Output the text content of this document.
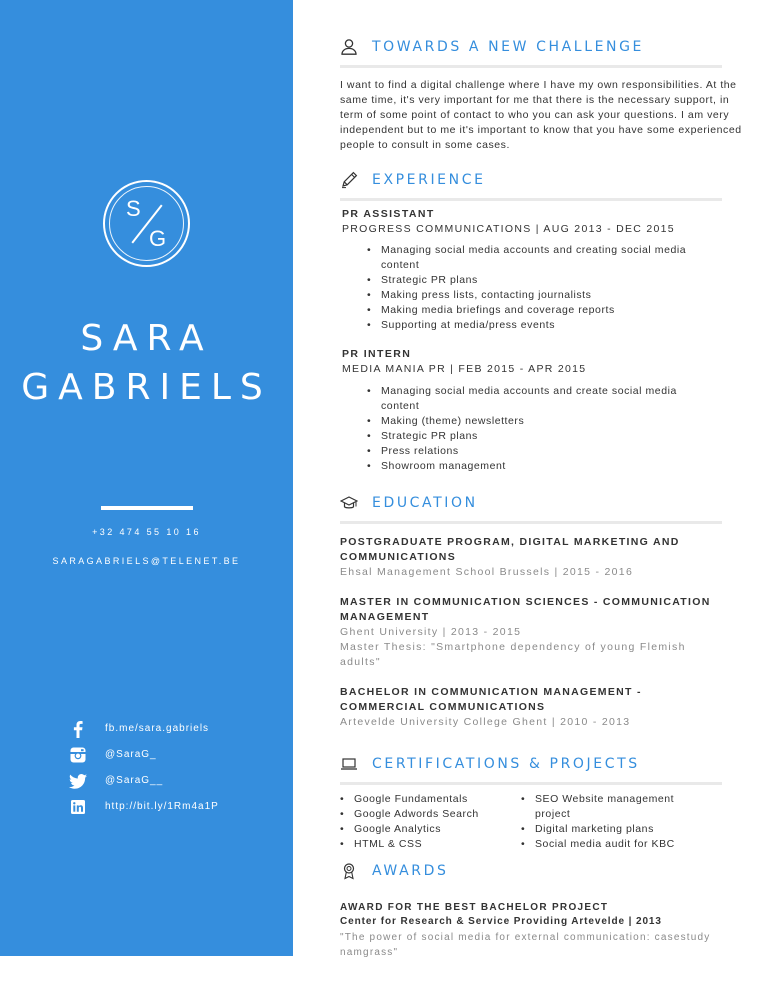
S
G
SARA
GABRIELS
+32 474 55 10 16
SARAGABRIELS@TELENET.BE
fb.me/sara.gabriels
@SaraG_
@SaraG__
http://bit.ly/1Rm4a1P
TOWARDS A NEW CHALLENGE

I want to find a digital challenge where I have my own responsibilities. At the same time, it's very important for me that there is the necessary support, in term of some point of contact to who you can ask your questions. I am very independent but to me it's important to know that you have some experienced people to consult in some cases.

EXPERIENCE
PR ASSISTANT
PROGRESS COMMUNICATIONS | AUG 2013 - DEC 2015
• Managing social media accounts and creating social media content
• Strategic PR plans
• Making press lists, contacting journalists
• Making media briefings and coverage reports
• Supporting at media/press events
PR INTERN
MEDIA MANIA PR | FEB 2015 - APR 2015
• Managing social media accounts and create social media content
• Making (theme) newsletters
• Strategic PR plans
• Press relations
• Showroom management
EDUCATION
POSTGRADUATE PROGRAM, DIGITAL MARKETING AND COMMUNICATIONS
Ehsal Management School Brussels | 2015 - 2016
MASTER IN COMMUNICATION SCIENCES - COMMUNICATION MANAGEMENT
Ghent University | 2013 - 2015
Master Thesis: "Smartphone dependency of young Flemish adults"
BACHELOR IN COMMUNICATION MANAGEMENT - COMMERCIAL COMMUNICATIONS
Artevelde University College Ghent | 2010 - 2013
CERTIFICATIONS & PROJECTS
• Google Fundamentals
• Google Adwords Search
• Google Analytics
• HTML & CSS
• SEO Website management project
• Digital marketing plans
• Social media audit for KBC
AWARDS
AWARD FOR THE BEST BACHELOR PROJECT
Center for Research & Service Providing Artevelde | 2013
"The power of social media for external communication: casestudy namgrass"
